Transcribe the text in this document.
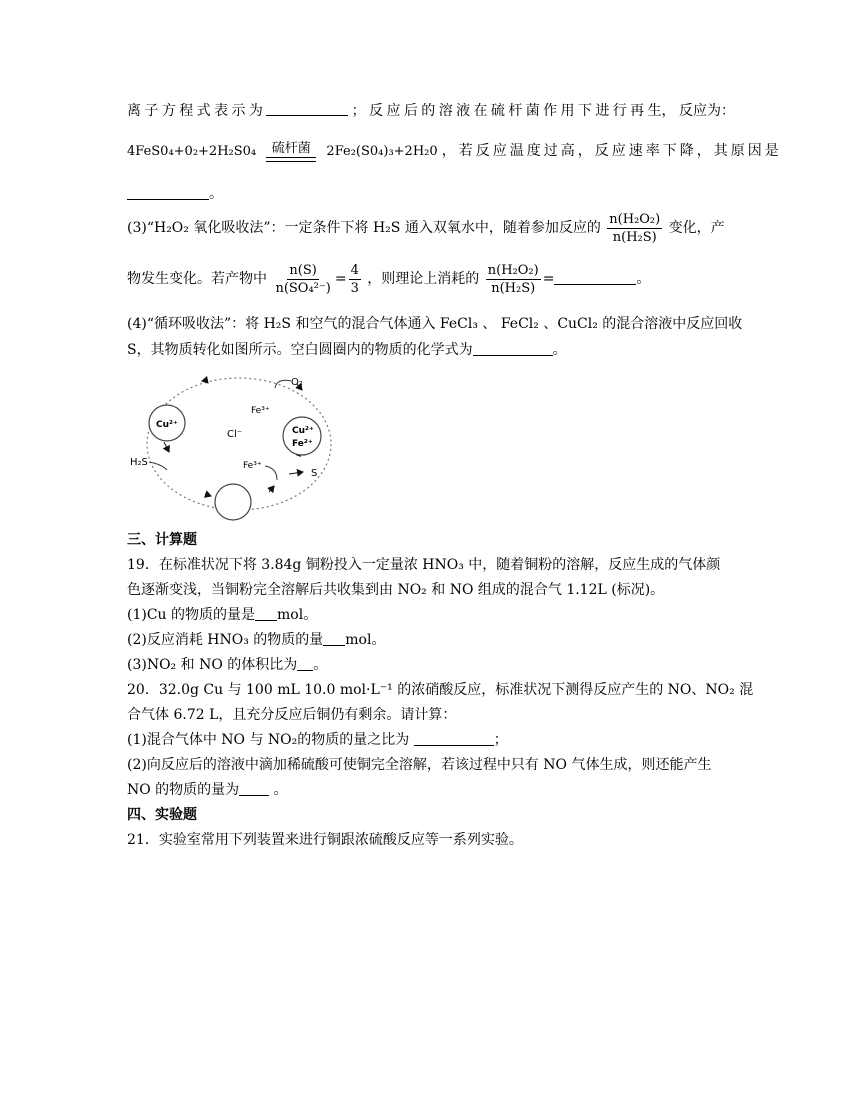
离 子 方 程 式 表 示 为	； 反 应 后 的 溶 液 在 硫 杆 菌 作 用 下 进 行 再 生， 反应为：
4FeS0₄+0₂+2H₂S0₄ 硫杆菌 2Fe₂(S0₄)₃+2H₂0 ，若反应温度过高，反应速率下降，其原因是
。
(3)“H₂O₂ 氧化吸收法”：一定条件下将 H₂S 通入双氧水中，随着参加反应的 $\frac{\text{n(H₂O₂)}}{\text{n(H₂S)}}$ 变化，产
物发生变化。若产物中 $\frac{n(S)}{\text{n(SO₄²⁻)}} = \frac{4}{3}$ ，则理论上消耗的 $\frac{\text{n(H₂O₂)}}{\text{n(H₂S)}}$ =	。
(4)“循环吸收法”：将 H₂S 和空气的混合气体通入 FeCl₃ 、 FeCl₂ 、CuCl₂ 的混合溶液中反应回收
S，其物质转化如图所示。空白圆圈内的物质的化学式为	。
O₂
Fe³⁺
Cu²⁺
Cl⁻	Cu²⁺
Fe²⁺
H₂S	Fe³⁺
S
三、计算题
19．在标准状况下将 3.84g 铜粉投入一定量浓 HNO₃ 中，随着铜粉的溶解，反应生成的气体颜
色逐渐变浅，当铜粉完全溶解后共收集到由 NO₂ 和 NO 组成的混合气 1.12L (标况)。
(1)Cu 的物质的量是 mol。
(2)反应消耗 HNO₃ 的物质的量 mol。
(3)NO₂ 和 NO 的体积比为 。
20．32.0g Cu 与 100 mL 10.0 mol·L⁻¹ 的浓硝酸反应，标准状况下测得反应产生的 NO、NO₂ 混
合气体 6.72 L，且充分反应后铜仍有剩余。请计算：
(1)混合气体中 NO 与 NO₂的物质的量之比为	；
(2)向反应后的溶液中滴加稀硫酸可使铜完全溶解，若该过程中只有 NO 气体生成，则还能产生
NO 的物质的量为 。
四、实验题
21．实验室常用下列装置来进行铜跟浓硫酸反应等一系列实验。
